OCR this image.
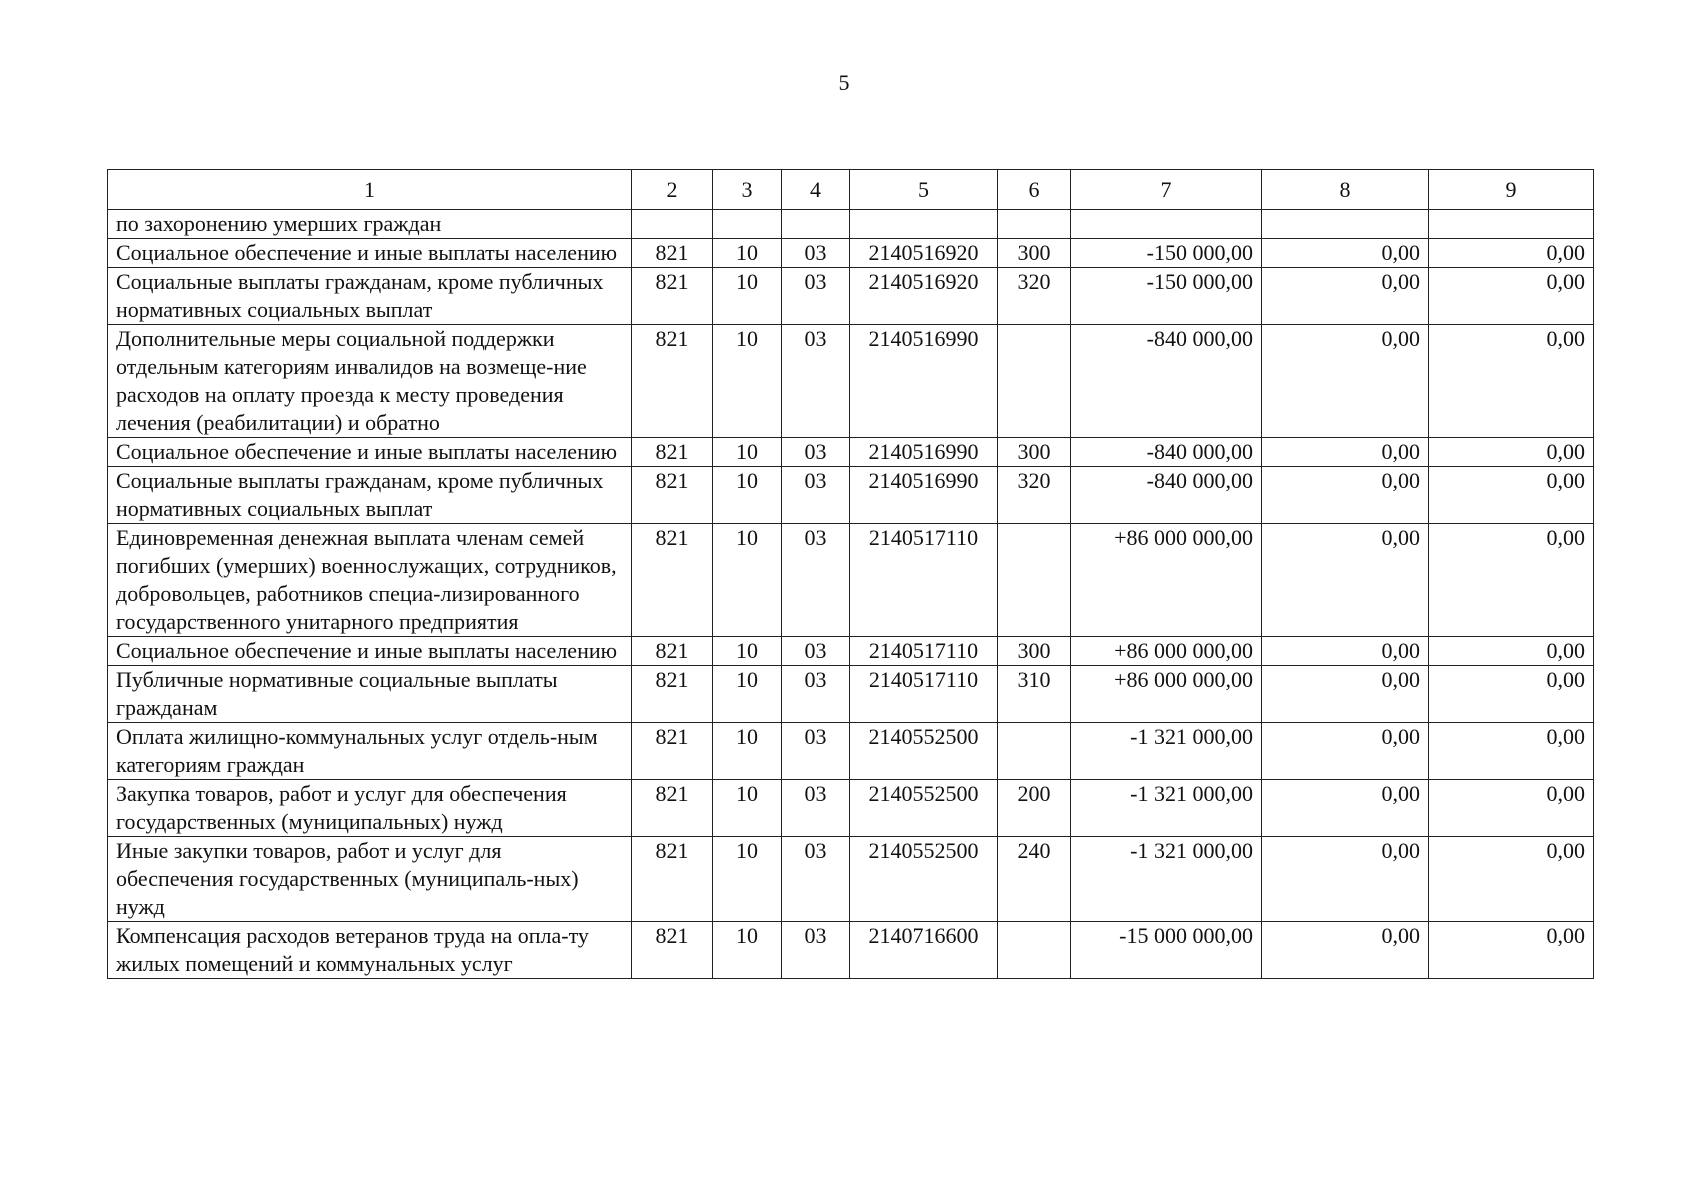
5
1	2	3	4	5	6	7	8	9
по захоронению умерших граждан								
Социальное обеспечение и иные выплаты населению	821	10	03	2140516920	300	-150 000,00	0,00	0,00
Социальные выплаты гражданам, кроме публичных нормативных социальных выплат	821	10	03	2140516920	320	-150 000,00	0,00	0,00
Дополнительные меры социальной поддержки отдельным категориям инвалидов на возмеще-ние расходов на оплату проезда к месту проведения лечения (реабилитации) и обратно	821	10	03	2140516990		-840 000,00	0,00	0,00
Социальное обеспечение и иные выплаты населению	821	10	03	2140516990	300	-840 000,00	0,00	0,00
Социальные выплаты гражданам, кроме публичных нормативных социальных выплат	821	10	03	2140516990	320	-840 000,00	0,00	0,00
Единовременная денежная выплата членам семей погибших (умерших) военнослужащих, сотрудников, добровольцев, работников специа-лизированного государственного унитарного предприятия	821	10	03	2140517110		+86 000 000,00	0,00	0,00
Социальное обеспечение и иные выплаты населению	821	10	03	2140517110	300	+86 000 000,00	0,00	0,00
Публичные нормативные социальные выплаты гражданам	821	10	03	2140517110	310	+86 000 000,00	0,00	0,00
Оплата жилищно-коммунальных услуг отдель-ным категориям граждан	821	10	03	2140552500		-1 321 000,00	0,00	0,00
Закупка товаров, работ и услуг для обеспечения государственных (муниципальных) нужд	821	10	03	2140552500	200	-1 321 000,00	0,00	0,00
Иные закупки товаров, работ и услуг для обеспечения государственных (муниципаль-ных) нужд	821	10	03	2140552500	240	-1 321 000,00	0,00	0,00
Компенсация расходов ветеранов труда на опла-ту жилых помещений и коммунальных услуг	821	10	03	2140716600		-15 000 000,00	0,00	0,00
